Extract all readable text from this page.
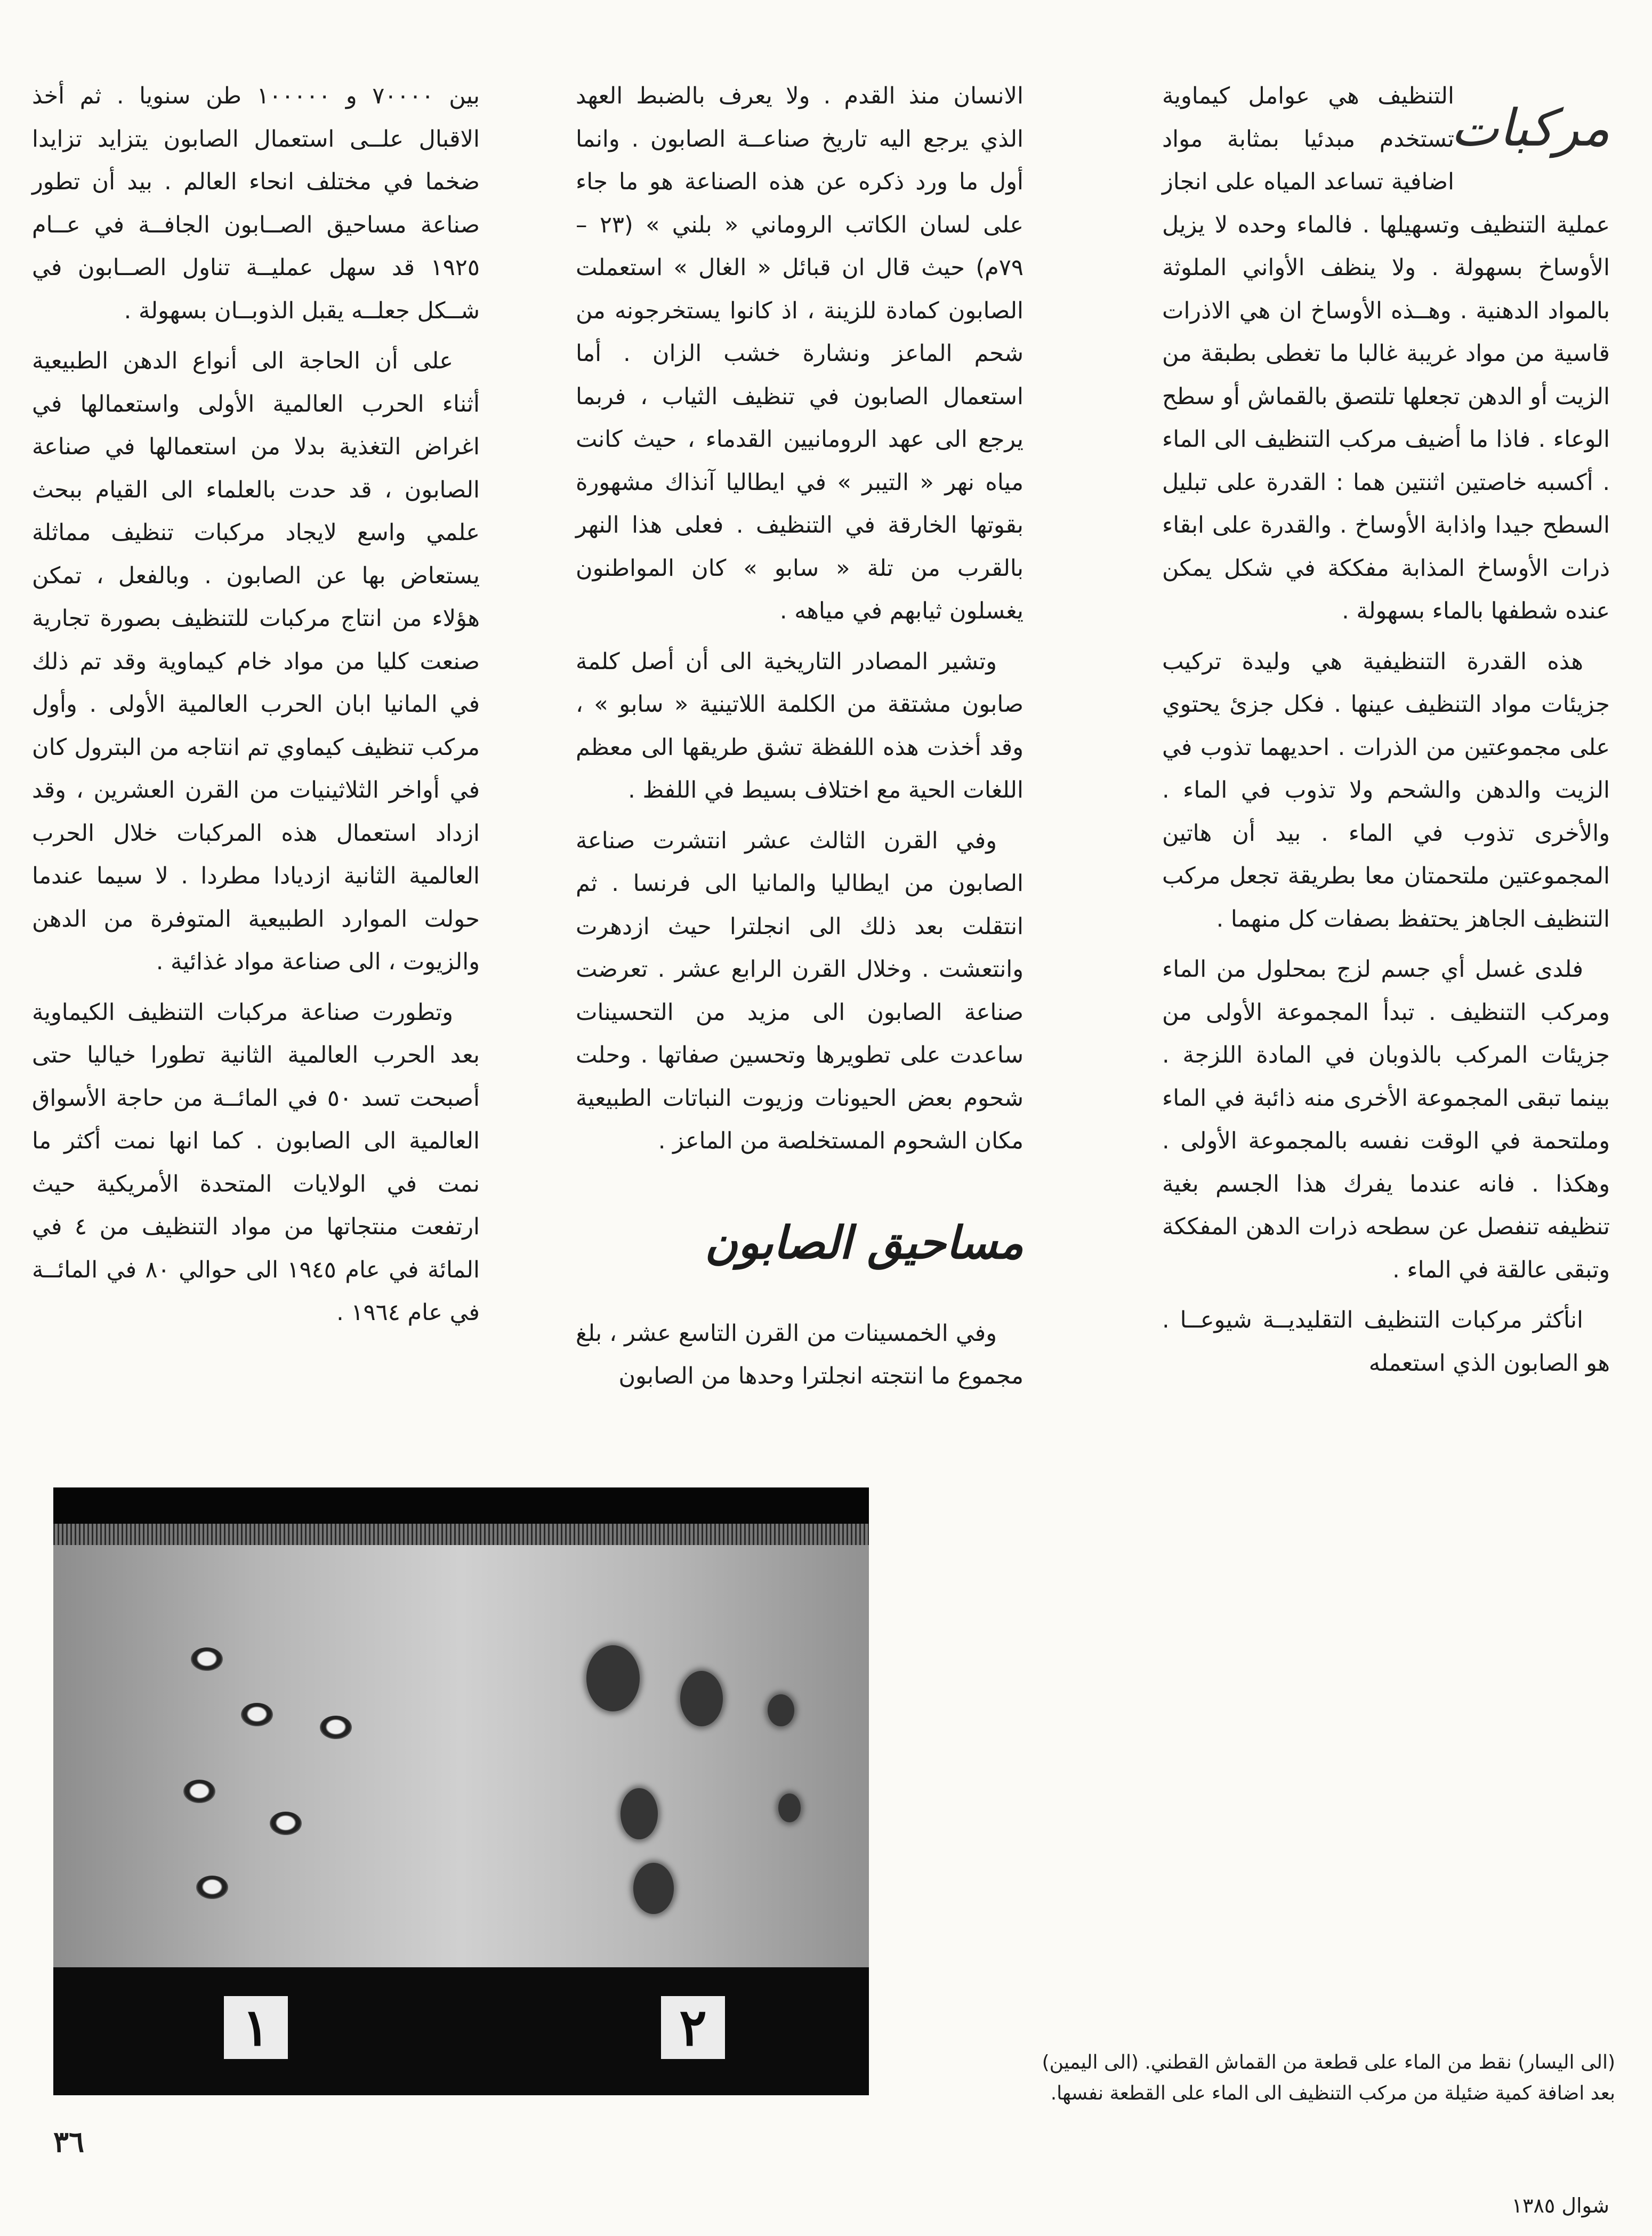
مركبات

التنظيف هي عوامل كيماوية تستخدم مبدئيا بمثابة مواد اضافية تساعد المياه على انجاز عملية التنظيف وتسهيلها . فالماء وحده لا يزيل الأوساخ بسهولة . ولا ينظف الأواني الملوثة بالمواد الدهنية . وهــذه الأوساخ ان هي الاذرات قاسية من مواد غريبة غالبا ما تغطى بطبقة من الزيت أو الدهن تجعلها تلتصق بالقماش أو سطح الوعاء . فاذا ما أضيف مركب التنظيف الى الماء . أكسبه خاصتين اثنتين هما : القدرة على تبليل السطح جيدا واذابة الأوساخ . والقدرة على ابقاء ذرات الأوساخ المذابة مفككة في شكل يمكن عنده شطفها بالماء بسهولة .

هذه القدرة التنظيفية هي وليدة تركيب جزيئات مواد التنظيف عينها . فكل جزئ يحتوي على مجموعتين من الذرات . احديهما تذوب في الزيت والدهن والشحم ولا تذوب في الماء . والأخرى تذوب في الماء . بيد أن هاتين المجموعتين ملتحمتان معا بطريقة تجعل مركب التنظيف الجاهز يحتفظ بصفات كل منهما .

فلدى غسل أي جسم لزج بمحلول من الماء ومركب التنظيف . تبدأ المجموعة الأولى من جزيئات المركب بالذوبان في المادة اللزجة . بينما تبقى المجموعة الأخرى منه ذائبة في الماء وملتحمة في الوقت نفسه بالمجموعة الأولى . وهكذا . فانه عندما يفرك هذا الجسم بغية تنظيفه تنفصل عن سطحه ذرات الدهن المفككة وتبقى عالقة في الماء .

انأكثر مركبات التنظيف التقليديــة شيوعــا . هو الصابون الذي استعمله

الانسان منذ القدم . ولا يعرف بالضبط العهد الذي يرجع اليه تاريخ صناعــة الصابون . وانما أول ما ورد ذكره عن هذه الصناعة هو ما جاء على لسان الكاتب الروماني « بلني » (٢٣ – ٧٩م) حيث قال ان قبائل « الغال » استعملت الصابون كمادة للزينة ، اذ كانوا يستخرجونه من شحم الماعز ونشارة خشب الزان . أما استعمال الصابون في تنظيف الثياب ، فربما يرجع الى عهد الرومانيين القدماء ، حيث كانت مياه نهر « التيبر » في ايطاليا آنذاك مشهورة بقوتها الخارقة في التنظيف . فعلى هذا النهر بالقرب من تلة « سابو » كان المواطنون يغسلون ثيابهم في مياهه .

وتشير المصادر التاريخية الى أن أصل كلمة صابون مشتقة من الكلمة اللاتينية « سابو » ، وقد أخذت هذه اللفظة تشق طريقها الى معظم اللغات الحية مع اختلاف بسيط في اللفظ .

وفي القرن الثالث عشر انتشرت صناعة الصابون من ايطاليا والمانيا الى فرنسا . ثم انتقلت بعد ذلك الى انجلترا حيث ازدهرت وانتعشت . وخلال القرن الرابع عشر . تعرضت صناعة الصابون الى مزيد من التحسينات ساعدت على تطويرها وتحسين صفاتها . وحلت شحوم بعض الحيونات وزيوت النباتات الطبيعية مكان الشحوم المستخلصة من الماعز .

مساحيق الصابون

وفي الخمسينات من القرن التاسع عشر ، بلغ مجموع ما انتجته انجلترا وحدها من الصابون

بين ٧٠٠٠٠ و ١٠٠٠٠٠ طن سنويا . ثم أخذ الاقبال علــى استعمال الصابون يتزايد تزايدا ضخما في مختلف انحاء العالم . بيد أن تطور صناعة مساحيق الصــابون الجافــة في عــام ١٩٢٥ قد سهل عمليــة تناول الصــابون في شــكل جعلــه يقبل الذوبــان بسهولة .

على أن الحاجة الى أنواع الدهن الطبيعية أثناء الحرب العالمية الأولى واستعمالها في اغراض التغذية بدلا من استعمالها في صناعة الصابون ، قد حدت بالعلماء الى القيام ببحث علمي واسع لايجاد مركبات تنظيف مماثلة يستعاض بها عن الصابون . وبالفعل ، تمكن هؤلاء من انتاج مركبات للتنظيف بصورة تجارية صنعت كليا من مواد خام كيماوية وقد تم ذلك في المانيا ابان الحرب العالمية الأولى . وأول مركب تنظيف كيماوي تم انتاجه من البترول كان في أواخر الثلاثينيات من القرن العشرين ، وقد ازداد استعمال هذه المركبات خلال الحرب العالمية الثانية ازديادا مطردا . لا سيما عندما حولت الموارد الطبيعية المتوفرة من الدهن والزيوت ، الى صناعة مواد غذائية .

وتطورت صناعة مركبات التنظيف الكيماوية بعد الحرب العالمية الثانية تطورا خياليا حتى أصبحت تسد ٥٠ في المائــة من حاجة الأسواق العالمية الى الصابون . كما انها نمت أكثر ما نمت في الولايات المتحدة الأمريكية حيث ارتفعت منتجاتها من مواد التنظيف من ٤ في المائة في عام ١٩٤٥ الى حوالي ٨٠ في المائــة في عام ١٩٦٤ .

١	٢

(الى اليسار) نقط من الماء على قطعة من القماش القطني. (الى اليمين)

بعد اضافة كمية ضئيلة من مركب التنظيف الى الماء على القطعة نفسها.

٣٦
شوال ١٣٨٥
